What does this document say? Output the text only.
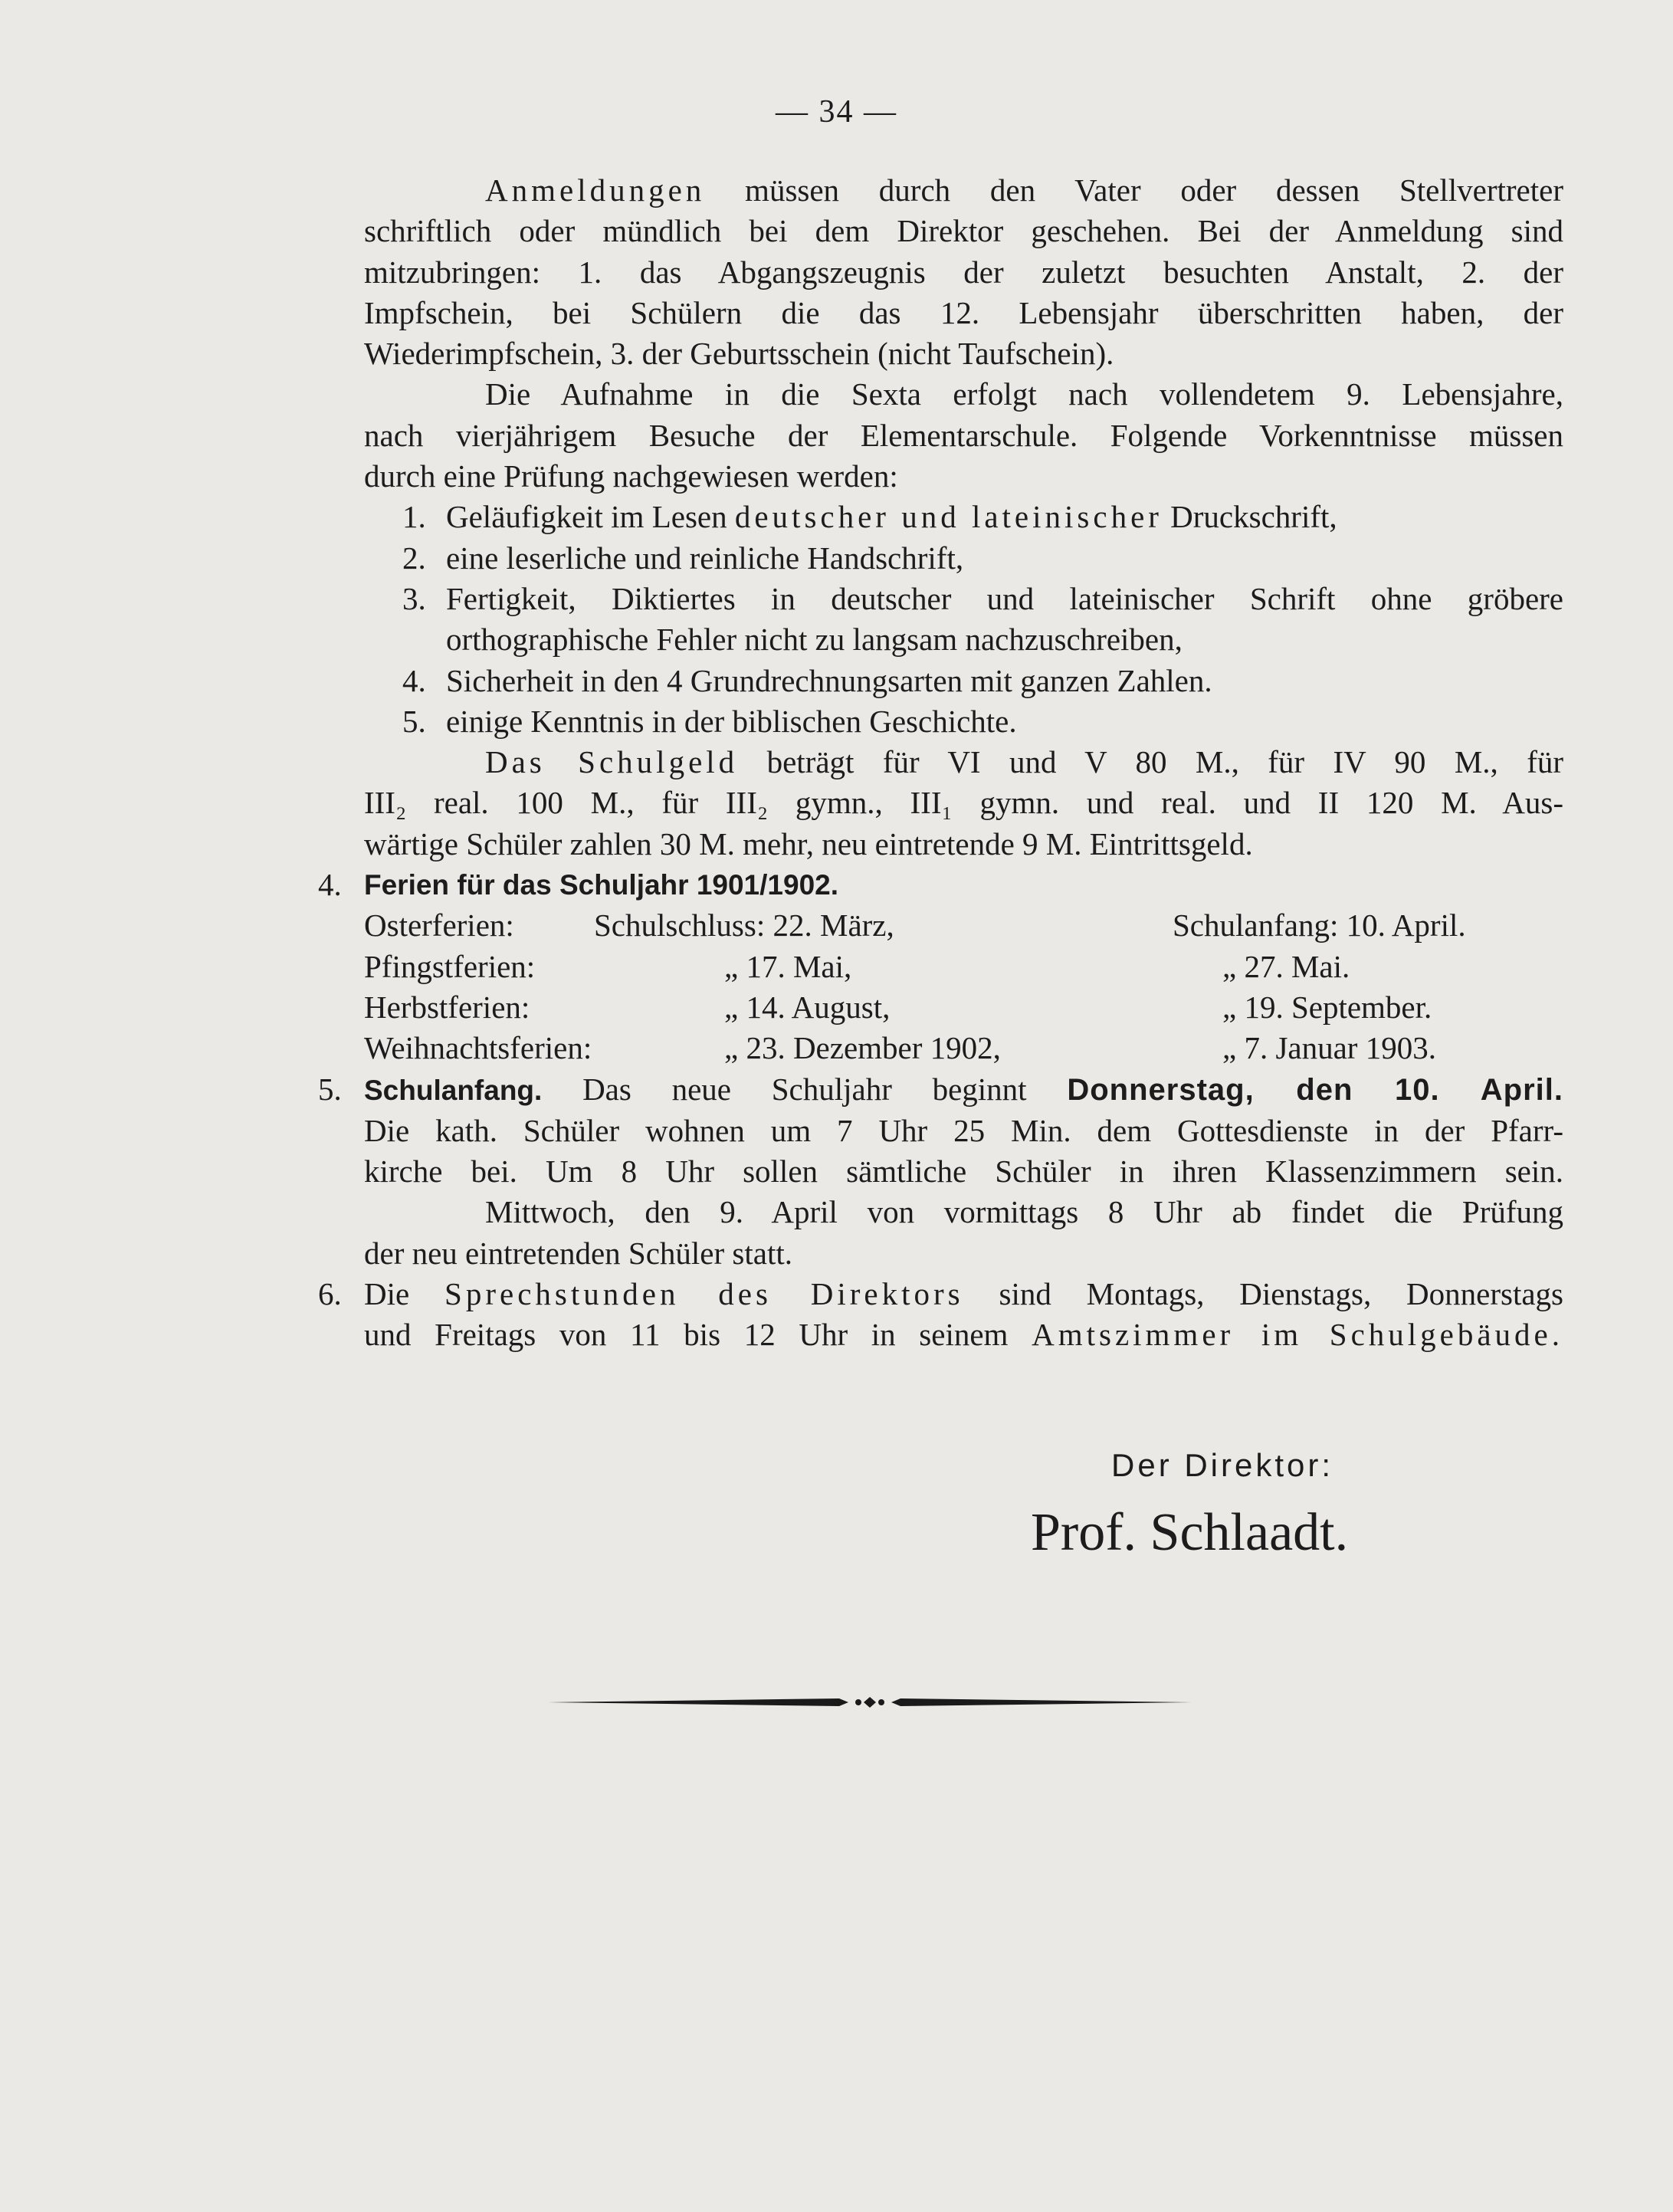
— 34 —

Anmeldungen müssen durch den Vater oder dessen Stellvertreter

schriftlich oder mündlich bei dem Direktor geschehen. Bei der Anmeldung sind

mitzubringen: 1. das Abgangszeugnis der zuletzt besuchten Anstalt, 2. der

Impfschein, bei Schülern die das 12. Lebensjahr überschritten haben, der

Wiederimpfschein, 3. der Geburtsschein (nicht Taufschein).

Die Aufnahme in die Sexta erfolgt nach vollendetem 9. Lebensjahre,

nach vierjährigem Besuche der Elementarschule. Folgende Vorkenntnisse müssen

durch eine Prüfung nachgewiesen werden:

1. Geläufigkeit im Lesen deutscher und lateinischer Druckschrift,
2. eine leserliche und reinliche Handschrift,
3. Fertigkeit, Diktiertes in deutscher und lateinischer Schrift ohne gröbere
orthographische Fehler nicht zu langsam nachzuschreiben,
4. Sicherheit in den 4 Grundrechnungsarten mit ganzen Zahlen.
5. einige Kenntnis in der biblischen Geschichte.

Das Schulgeld beträgt für VI und V 80 M., für IV 90 M., für

III₂ real. 100 M., für III₂ gymn., III₁ gymn. und real. und II 120 M. Aus-

wärtige Schüler zahlen 30 M. mehr, neu eintretende 9 M. Eintrittsgeld.

4. Ferien für das Schuljahr 1901/1902.
Osterferien:	Schulschluss: 22. März,	Schulanfang: 10. April.
Pfingstferien:	„ 17. Mai,	„ 27. Mai.
Herbstferien:	„ 14. August,	„ 19. September.
Weihnachtsferien:	„ 23. Dezember 1902,	„ 7. Januar 1903.
5. Schulanfang. Das neue Schuljahr beginnt Donnerstag, den 10. April.

Die kath. Schüler wohnen um 7 Uhr 25 Min. dem Gottesdienste in der Pfarr-

kirche bei. Um 8 Uhr sollen sämtliche Schüler in ihren Klassenzimmern sein.

Mittwoch, den 9. April von vormittags 8 Uhr ab findet die Prüfung

der neu eintretenden Schüler statt.

6. Die Sprechstunden des Direktors sind Montags, Dienstags, Donnerstags

und Freitags von 11 bis 12 Uhr in seinem Amtszimmer im Schulgebäude.

Der Direktor:
Prof. Schlaadt.
